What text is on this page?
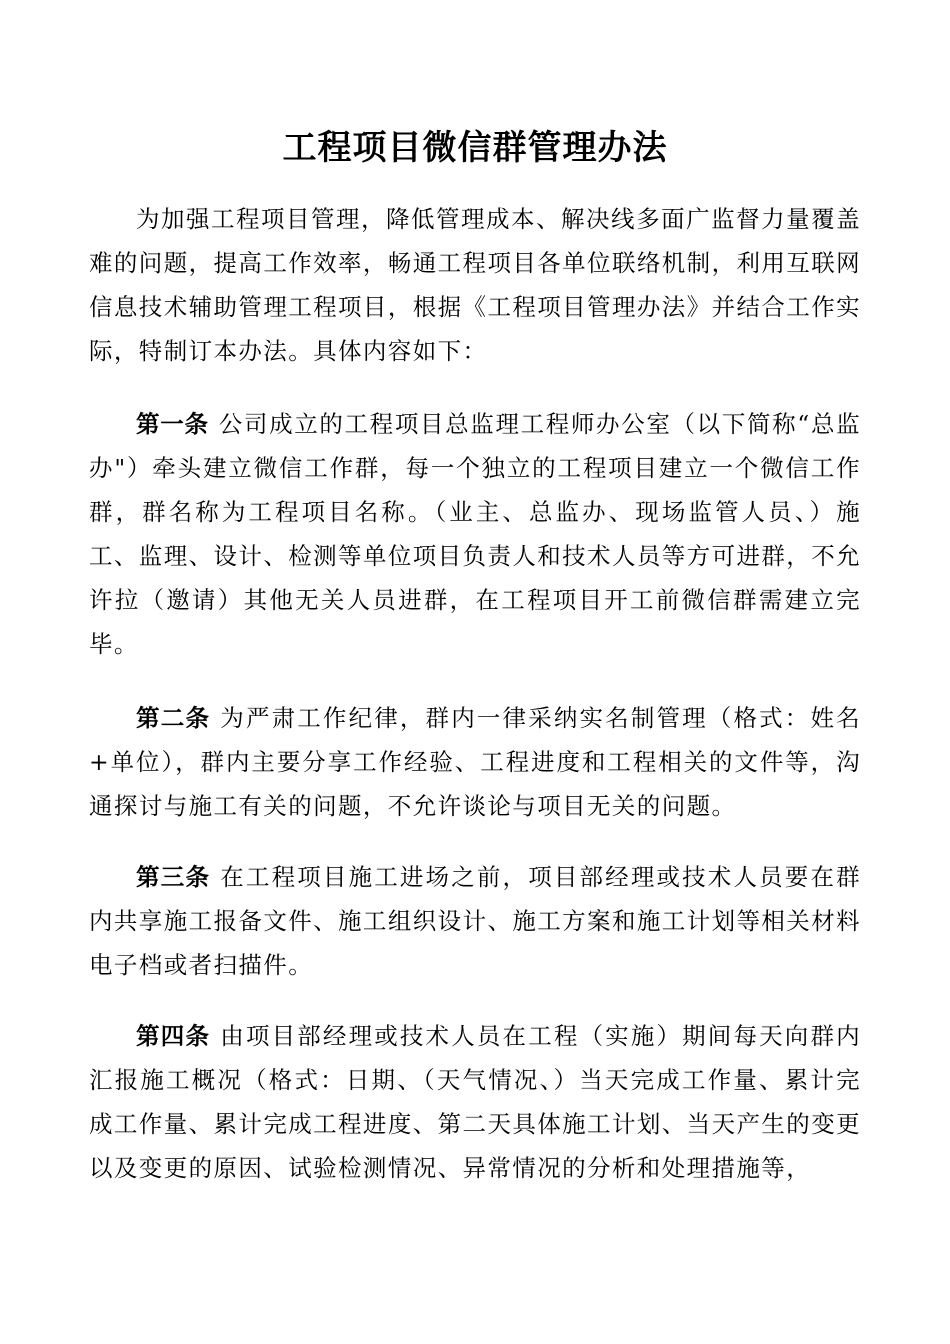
工程项目微信群管理办法

为加强工程项目管理，降低管理成本、解决线多面广监督力量覆盖难的问题，提高工作效率，畅通工程项目各单位联络机制，利用互联网信息技术辅助管理工程项目，根据《工程项目管理办法》并结合工作实际，特制订本办法。具体内容如下：

第一条 公司成立的工程项目总监理工程师办公室（以下简称“总监办"）牵头建立微信工作群，每一个独立的工程项目建立一个微信工作群，群名称为工程项目名称。（业主、总监办、现场监管人员、）施工、监理、设计、检测等单位项目负责人和技术人员等方可进群，不允许拉（邀请）其他无关人员进群，在工程项目开工前微信群需建立完毕。

第二条 为严肃工作纪律，群内一律采纳实名制管理（格式：姓名+单位），群内主要分享工作经验、工程进度和工程相关的文件等，沟通探讨与施工有关的问题，不允许谈论与项目无关的问题。

第三条 在工程项目施工进场之前，项目部经理或技术人员要在群内共享施工报备文件、施工组织设计、施工方案和施工计划等相关材料电子档或者扫描件。

第四条 由项目部经理或技术人员在工程（实施）期间每天向群内汇报施工概况（格式：日期、（天气情况、）当天完成工作量、累计完成工作量、累计完成工程进度、第二天具体施工计划、当天产生的变更以及变更的原因、试验检测情况、异常情况的分析和处理措施等，
